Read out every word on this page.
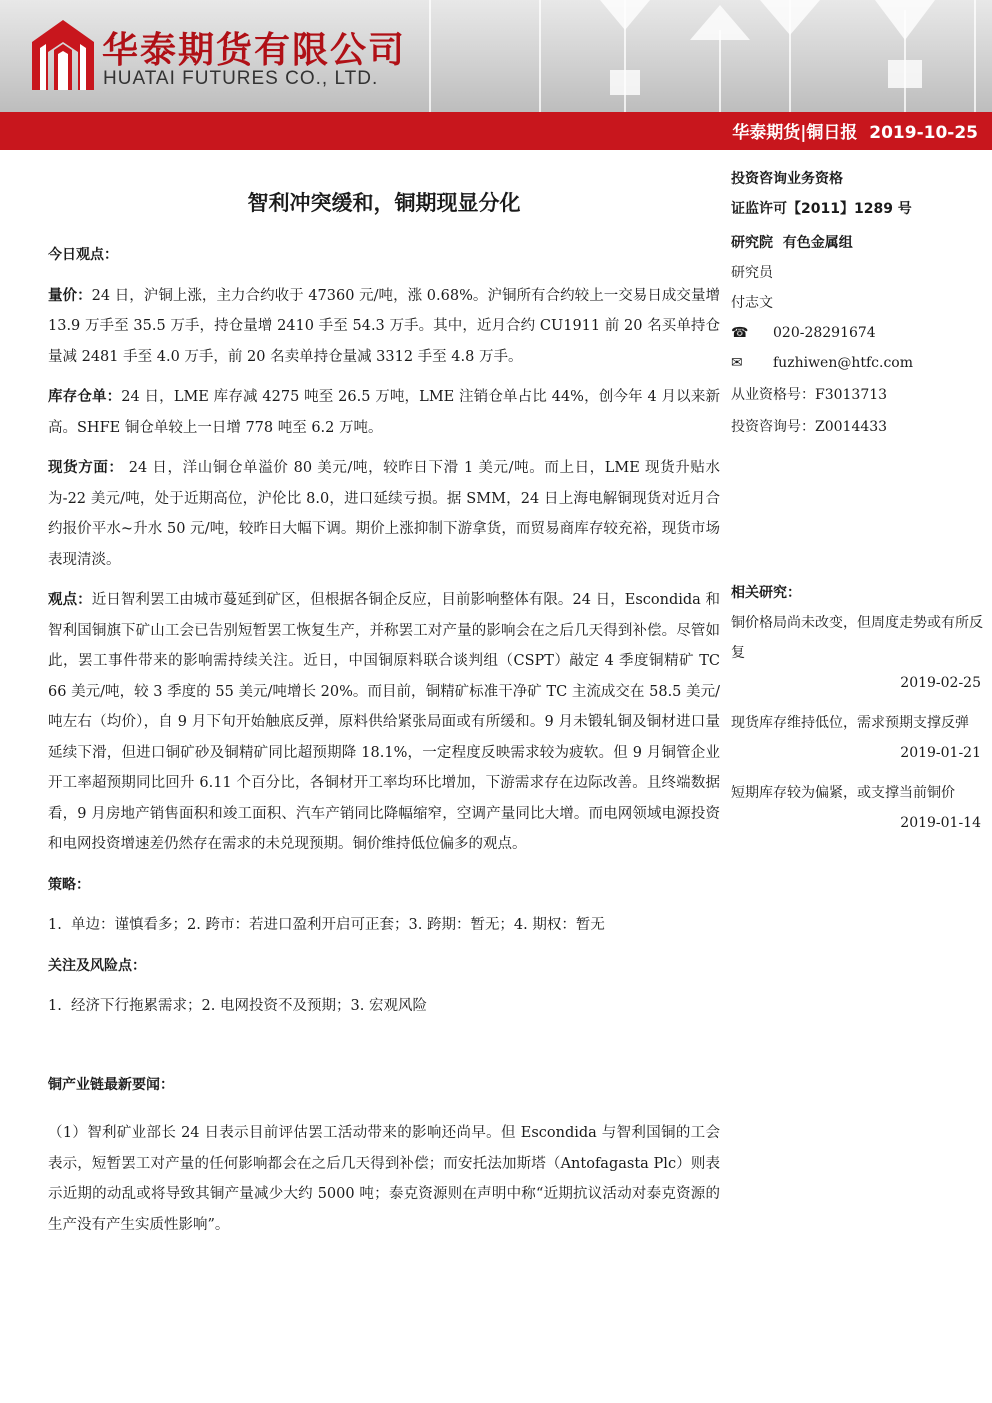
华泰期货有限公司
HUATAI FUTURES CO., LTD.
华泰期货|铜日报  2019-10-25
智利冲突缓和，铜期现显分化
今日观点：

量价：24 日，沪铜上涨，主力合约收于 47360 元/吨，涨 0.68%。沪铜所有合约较上一交易日成交量增 13.9 万手至 35.5 万手，持仓量增 2410 手至 54.3 万手。其中，近月合约 CU1911 前 20 名买单持仓量减 2481 手至 4.0 万手，前 20 名卖单持仓量减 3312 手至 4.8 万手。

库存仓单：24 日，LME 库存减 4275 吨至 26.5 万吨，LME 注销仓单占比 44%，创今年 4 月以来新高。SHFE 铜仓单较上一日增 778 吨至 6.2 万吨。

现货方面： 24 日，洋山铜仓单溢价 80 美元/吨，较昨日下滑 1 美元/吨。而上日，LME 现货升贴水为-22 美元/吨，处于近期高位，沪伦比 8.0，进口延续亏损。据 SMM，24 日上海电解铜现货对近月合约报价平水~升水 50 元/吨，较昨日大幅下调。期价上涨抑制下游拿货，而贸易商库存较充裕，现货市场表现清淡。

观点：近日智利罢工由城市蔓延到矿区，但根据各铜企反应，目前影响整体有限。24 日，Escondida 和智利国铜旗下矿山工会已告别短暂罢工恢复生产，并称罢工对产量的影响会在之后几天得到补偿。尽管如此，罢工事件带来的影响需持续关注。近日，中国铜原料联合谈判组（CSPT）敲定 4 季度铜精矿 TC 66 美元/吨，较 3 季度的 55 美元/吨增长 20%。而目前，铜精矿标准干净矿 TC 主流成交在 58.5 美元/吨左右（均价），自 9 月下旬开始触底反弹，原料供给紧张局面或有所缓和。9 月未锻轧铜及铜材进口量延续下滑，但进口铜矿砂及铜精矿同比超预期降 18.1%，一定程度反映需求较为疲软。但 9 月铜管企业开工率超预期同比回升 6.11 个百分比，各铜材开工率均环比增加，下游需求存在边际改善。且终端数据看，9 月房地产销售面积和竣工面积、汽车产销同比降幅缩窄，空调产量同比大增。而电网领域电源投资和电网投资增速差仍然存在需求的未兑现预期。铜价维持低位偏多的观点。

策略：

1.  单边：谨慎看多；2. 跨市：若进口盈利开启可正套；3. 跨期：暂无；4. 期权：暂无

关注及风险点：

1.  经济下行拖累需求；2. 电网投资不及预期；3. 宏观风险

铜产业链最新要闻：

（1）智利矿业部长 24 日表示目前评估罢工活动带来的影响还尚早。但 Escondida 与智利国铜的工会表示，短暂罢工对产量的任何影响都会在之后几天得到补偿；而安托法加斯塔（Antofagasta Plc）则表示近期的动乱或将导致其铜产量减少大约 5000 吨；泰克资源则在声明中称“近期抗议活动对泰克资源的生产没有产生实质性影响”。

投资咨询业务资格
证监许可【2011】1289 号
研究院  有色金属组
研究员
付志文
☎	020-28291674
✉	fuzhiwen@htfc.com
从业资格号：F3013713
投资咨询号：Z0014433
相关研究：
铜价格局尚未改变，但周度走势或有所反复
2019-02-25
现货库存维持低位，需求预期支撑反弹
2019-01-21
短期库存较为偏紧，或支撑当前铜价
2019-01-14
